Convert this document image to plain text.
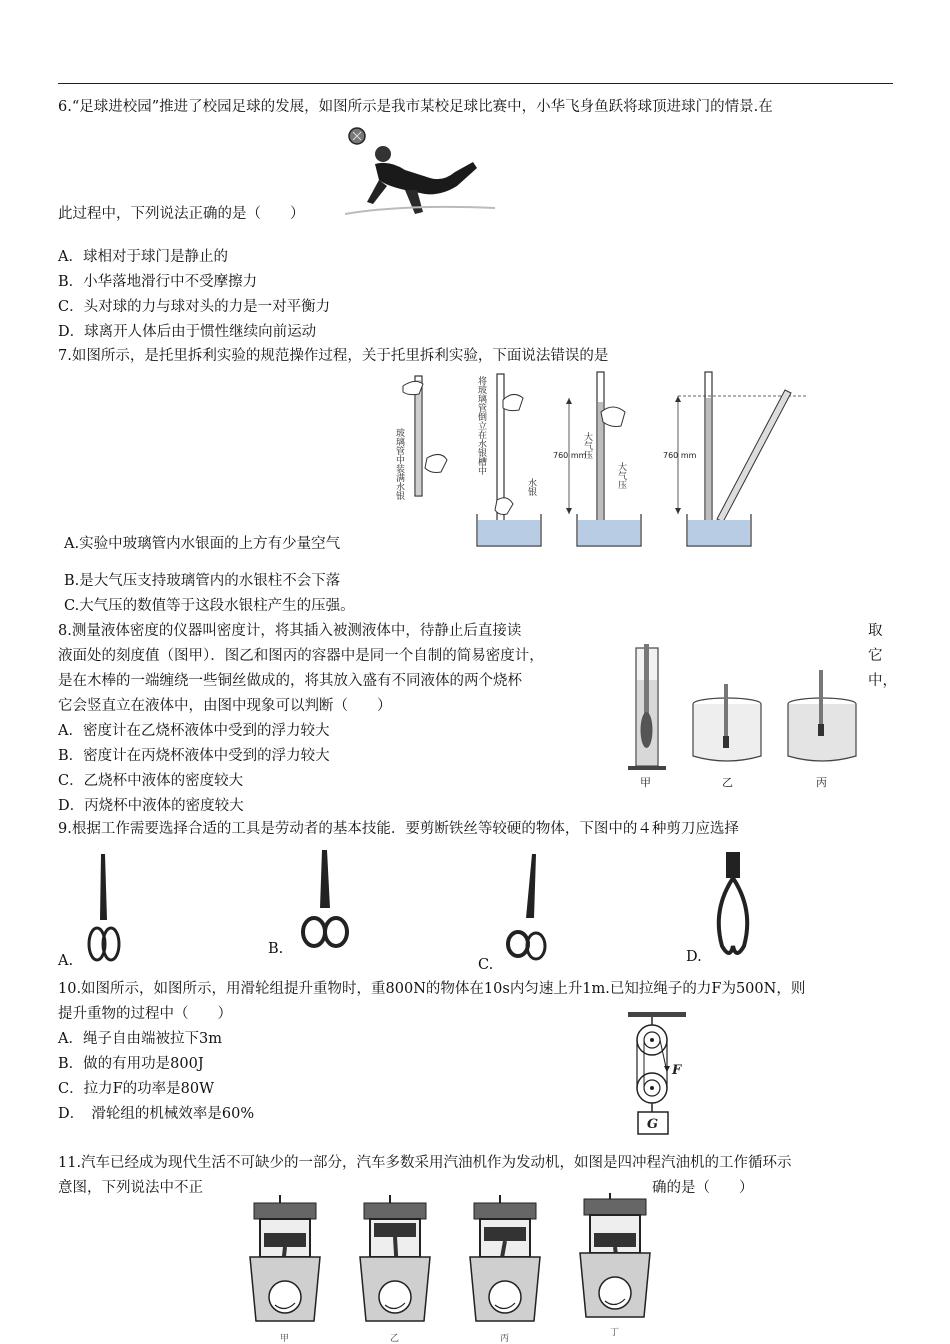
6.“足球进校园”推进了校园足球的发展，如图所示是我市某校足球比赛中，小华飞身鱼跃将球顶进球门的情景.在
此过程中，下列说法正确的是（　　）
A．球相对于球门是静止的
B．小华落地滑行中不受摩擦力
C．头对球的力与球对头的力是一对平衡力
D．球离开人体后由于惯性继续向前运动
7.如图所示，是托里拆利实验的规范操作过程，关于托里拆利实验，下面说法错误的是
玻璃管中装满水银	将玻璃管倒立在水银槽中
水银
760 mm
大气压
大气压
760 mm
A.实验中玻璃管内水银面的上方有少量空气
B.是大气压支持玻璃管内的水银柱不会下落
C.大气压的数值等于这段水银柱产生的压强。
8.测量液体密度的仪器叫密度计，将其插入被测液体中，待静止后直接读	取
液面处的刻度值（图甲）．图乙和图丙的容器中是同一个自制的简易密度计，	它
是在木棒的一端缠绕一些铜丝做成的，将其放入盛有不同液体的两个烧杯	中，
它会竖直立在液体中，由图中现象可以判断（　　）
A．密度计在乙烧杯液体中受到的浮力较大
B．密度计在丙烧杯液体中受到的浮力较大
C．乙烧杯中液体的密度较大
D．丙烧杯中液体的密度较大
甲	乙	丙
9.根据工作需要选择合适的工具是劳动者的基本技能．要剪断铁丝等较硬的物体，下图中的４种剪刀应选择
A.
B.
C.	D.
10.如图所示，如图所示，用滑轮组提升重物时，重800N的物体在10s内匀速上升1m.已知拉绳子的力F为500N，则
提升重物的过程中（　　）
A．绳子自由端被拉下3m
B．做的有用功是800J
C．拉力F的功率是80W
D．　滑轮组的机械效率是60%
F
G
11.汽车已经成为现代生活不可缺少的一部分，汽车多数采用汽油机作为发动机，如图是四冲程汽油机的工作循环示
意图，下列说法中不正	确的是（　　）
甲	乙	丙
丁
